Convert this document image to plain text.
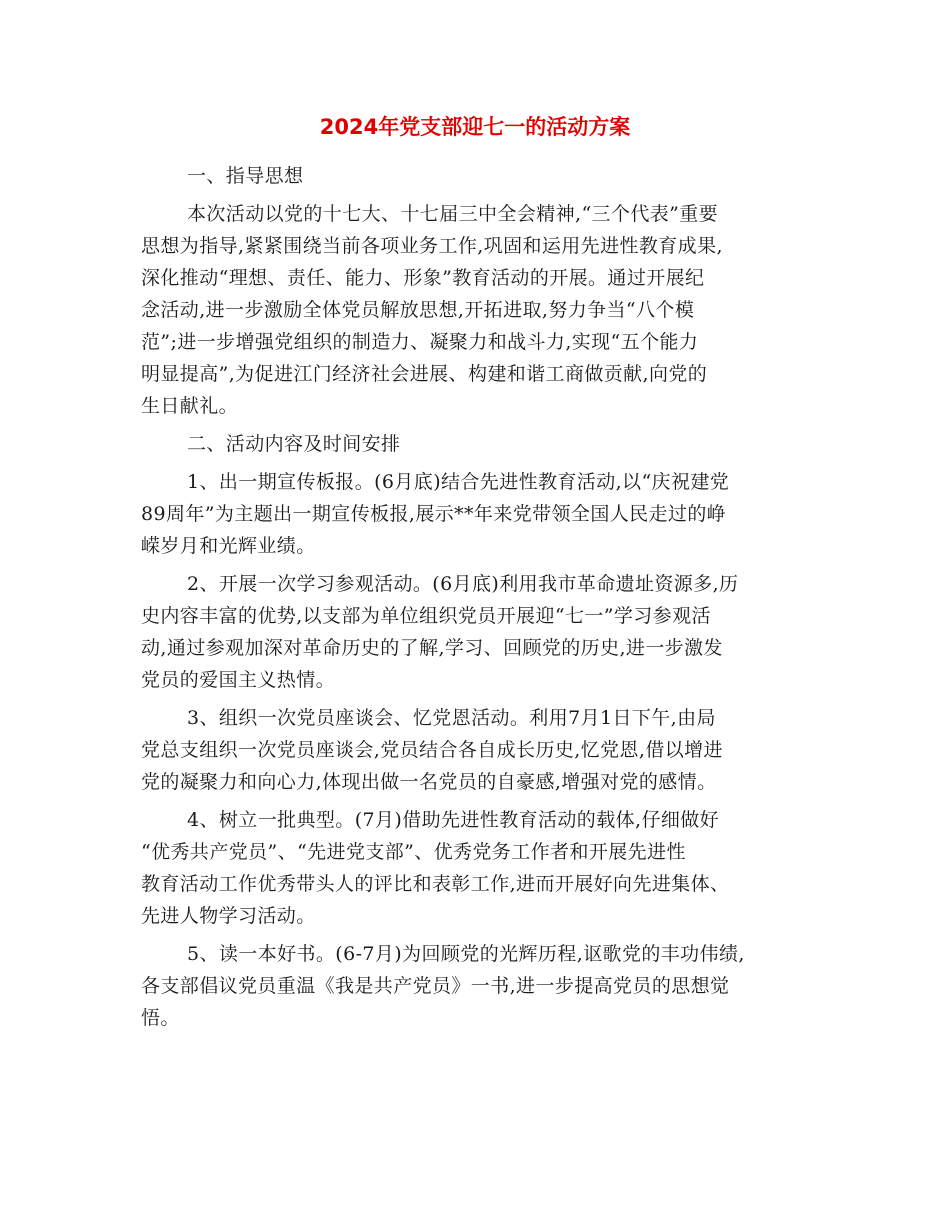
2024年党支部迎七一的活动方案
一、指导思想
本次活动以党的十七大、十七届三中全会精神,“三个代表”重要
思想为指导,紧紧围绕当前各项业务工作,巩固和运用先进性教育成果,
深化推动“理想、责任、能力、形象”教育活动的开展。通过开展纪
念活动,进一步激励全体党员解放思想,开拓进取,努力争当“八个模
范”;进一步增强党组织的制造力、凝聚力和战斗力,实现“五个能力
明显提高”,为促进江门经济社会进展、构建和谐工商做贡献,向党的
生日献礼。
二、活动内容及时间安排
1、出一期宣传板报。(6月底)结合先进性教育活动,以“庆祝建党
89周年”为主题出一期宣传板报,展示**年来党带领全国人民走过的峥
嵘岁月和光辉业绩。
2、开展一次学习参观活动。(6月底)利用我市革命遗址资源多,历
史内容丰富的优势,以支部为单位组织党员开展迎“七一”学习参观活
动,通过参观加深对革命历史的了解,学习、回顾党的历史,进一步激发
党员的爱国主义热情。
3、组织一次党员座谈会、忆党恩活动。利用7月1日下午,由局
党总支组织一次党员座谈会,党员结合各自成长历史,忆党恩,借以增进
党的凝聚力和向心力,体现出做一名党员的自豪感,增强对党的感情。
4、树立一批典型。(7月)借助先进性教育活动的载体,仔细做好
“优秀共产党员”、“先进党支部”、优秀党务工作者和开展先进性
教育活动工作优秀带头人的评比和表彰工作,进而开展好向先进集体、
先进人物学习活动。
5、读一本好书。(6-7月)为回顾党的光辉历程,讴歌党的丰功伟绩,
各支部倡议党员重温《我是共产党员》一书,进一步提高党员的思想觉
悟。
